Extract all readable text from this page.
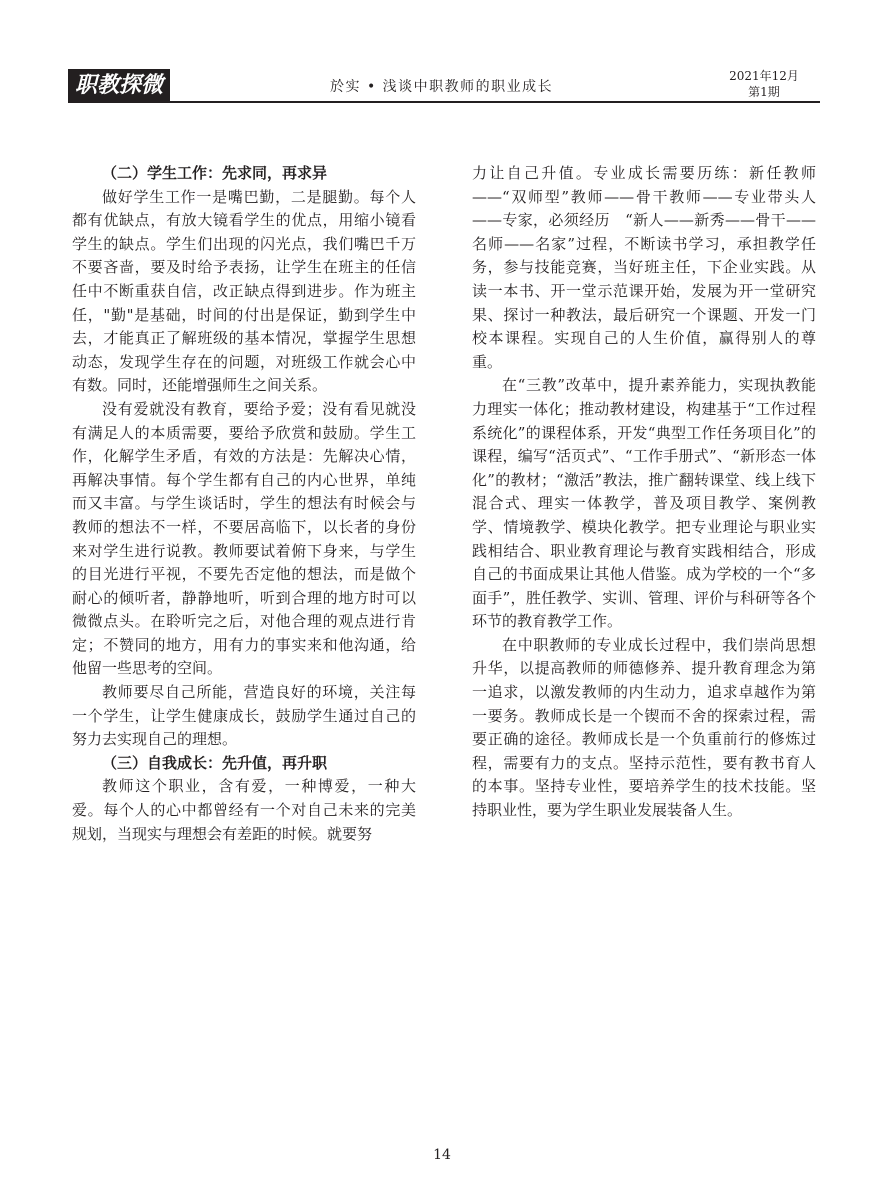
职教探微	於实 • 浅谈中职教师的职业成长
2021年12月
第1期
（二）学生工作：先求同，再求异

做好学生工作一是嘴巴勤，二是腿勤。每个人都有优缺点，有放大镜看学生的优点，用缩小镜看学生的缺点。学生们出现的闪光点，我们嘴巴千万不要吝啬，要及时给予表扬，让学生在班主的任信任中不断重获自信，改正缺点得到进步。作为班主任，"勤"是基础，时间的付出是保证，勤到学生中去，才能真正了解班级的基本情况，掌握学生思想动态，发现学生存在的问题，对班级工作就会心中有数。同时，还能增强师生之间关系。

没有爱就没有教育，要给予爱；没有看见就没有满足人的本质需要，要给予欣赏和鼓励。学生工作，化解学生矛盾，有效的方法是：先解决心情，再解决事情。每个学生都有自己的内心世界，单纯而又丰富。与学生谈话时，学生的想法有时候会与教师的想法不一样，不要居高临下，以长者的身份来对学生进行说教。教师要试着俯下身来，与学生的目光进行平视，不要先否定他的想法，而是做个耐心的倾听者，静静地听，听到合理的地方时可以微微点头。在聆听完之后，对他合理的观点进行肯定；不赞同的地方，用有力的事实来和他沟通，给他留一些思考的空间。

教师要尽自己所能，营造良好的环境，关注每一个学生，让学生健康成长，鼓励学生通过自己的努力去实现自己的理想。

（三）自我成长：先升值，再升职

教师这个职业，含有爱，一种博爱，一种大爱。每个人的心中都曾经有一个对自己未来的完美规划，当现实与理想会有差距的时候。就要努

力让自己升值。专业成长需要历练：新任教师——“双师型”教师——骨干教师——专业带头人——专家，必须经历　“新人——新秀——骨干——名师——名家”过程，不断读书学习，承担教学任务，参与技能竞赛，当好班主任，下企业实践。从读一本书、开一堂示范课开始，发展为开一堂研究果、探讨一种教法，最后研究一个课题、开发一门校本课程。实现自己的人生价值，赢得别人的尊重。

在“三教”改革中，提升素养能力，实现执教能力理实一体化；推动教材建设，构建基于“工作过程系统化”的课程体系，开发“典型工作任务项目化”的课程，编写“活页式”、“工作手册式”、“新形态一体化”的教材；“激活”教法，推广翻转课堂、线上线下混合式、理实一体教学，普及项目教学、案例教学、情境教学、模块化教学。把专业理论与职业实践相结合、职业教育理论与教育实践相结合，形成自己的书面成果让其他人借鉴。成为学校的一个“多面手”，胜任教学、实训、管理、评价与科研等各个环节的教育教学工作。

在中职教师的专业成长过程中，我们崇尚思想升华，以提高教师的师德修养、提升教育理念为第一追求，以激发教师的内生动力，追求卓越作为第一要务。教师成长是一个锲而不舍的探索过程，需要正确的途径。教师成长是一个负重前行的修炼过程，需要有力的支点。坚持示范性，要有教书育人的本事。坚持专业性，要培养学生的技术技能。坚持职业性，要为学生职业发展装备人生。

14
